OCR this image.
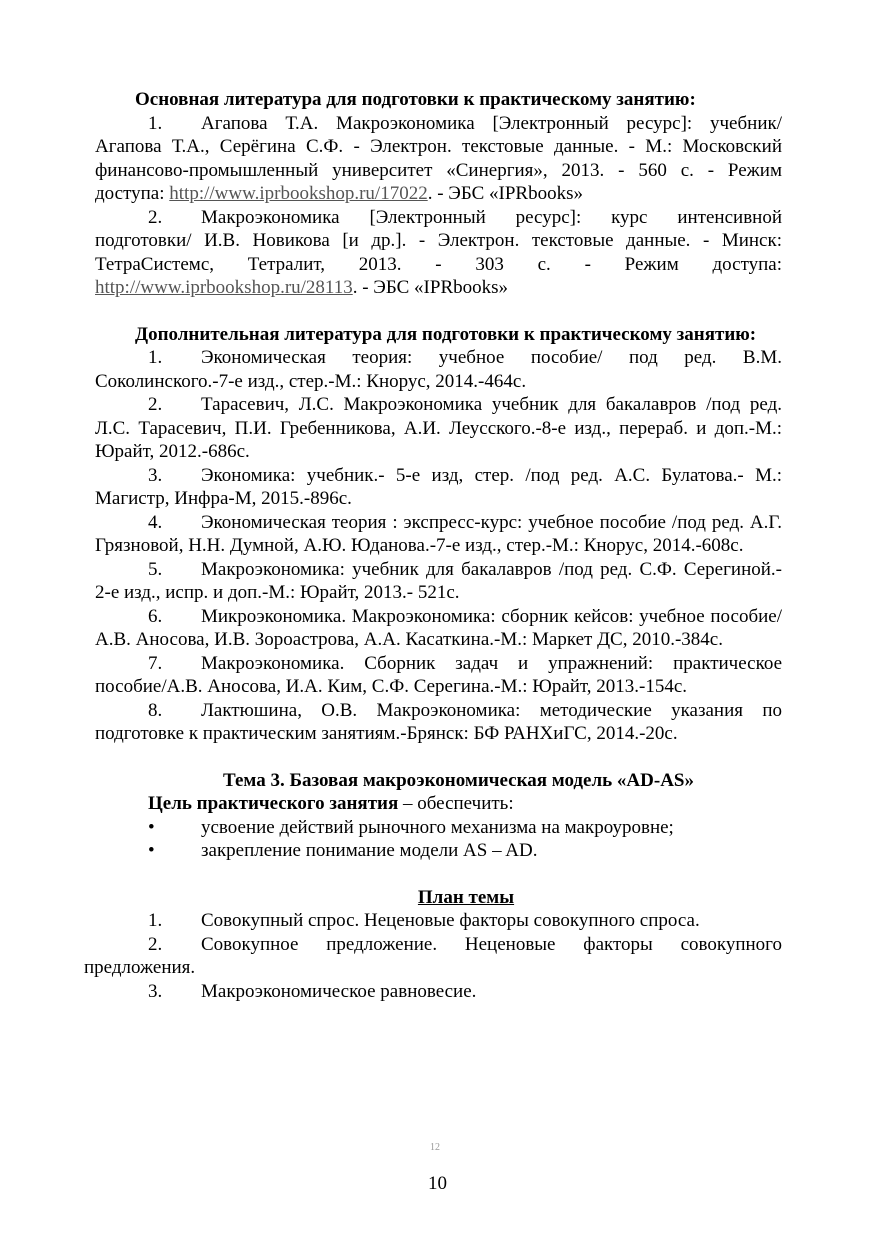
Основная литература для подготовки к практическому занятию:

1. Агапова Т.А. Макроэкономика [Электронный ресурс]: учебник/ Агапова Т.А., Серёгина С.Ф. - Электрон. текстовые данные. - М.: Московский финансово-промышленный университет «Синергия», 2013. - 560 с. - Режим доступа: http://www.iprbookshop.ru/17022. - ЭБС «IPRbooks»

2. Макроэкономика [Электронный ресурс]: курс интенсивной подготовки/ И.В. Новикова [и др.]. - Электрон. текстовые данные. - Минск: ТетраСистемс, Тетралит, 2013. - 303 с. - Режим доступа: http://www.iprbookshop.ru/28113. - ЭБС «IPRbooks»

Дополнительная литература для подготовки к практическому занятию:

1. Экономическая теория: учебное пособие/ под ред. В.М. Соколинского.-7-е изд., стер.-М.: Кнорус, 2014.-464с.

2. Тарасевич, Л.С. Макроэкономика учебник для бакалавров /под ред. Л.С. Тарасевич, П.И. Гребенникова, А.И. Леусского.-8-е изд., перераб. и доп.-М.: Юрайт, 2012.-686с.

3. Экономика: учебник.- 5-е изд, стер. /под ред. А.С. Булатова.- М.: Магистр, Инфра-М, 2015.-896с.

4. Экономическая теория : экспресс-курс: учебное пособие /под ред. А.Г. Грязновой, Н.Н. Думной, А.Ю. Юданова.-7-е изд., стер.-М.: Кнорус, 2014.-608с.

5. Макроэкономика: учебник для бакалавров /под ред. С.Ф. Серегиной.- 2-е изд., испр. и доп.-М.: Юрайт, 2013.- 521с.

6. Микроэкономика. Макроэкономика: сборник кейсов: учебное пособие/А.В. Аносова, И.В. Зороастрова, А.А. Касаткина.-М.: Маркет ДС, 2010.-384с.

7. Макроэкономика. Сборник задач и упражнений: практическое пособие/А.В. Аносова, И.А. Ким, С.Ф. Серегина.-М.: Юрайт, 2013.-154с.

8. Лактюшина, О.В. Макроэкономика: методические указания по подготовке к практическим занятиям.-Брянск: БФ РАНХиГС, 2014.-20с.

Тема 3. Базовая макроэкономическая модель «AD-AS»

Цель практического занятия – обеспечить:

• усвоение действий рыночного механизма на макроуровне;

• закрепление понимание модели AS – AD.

План темы

1. Совокупный спрос. Неценовые факторы совокупного спроса.

2. Совокупное предложение. Неценовые факторы совокупного предложения.

3. Макроэкономическое равновесие.

12
10
